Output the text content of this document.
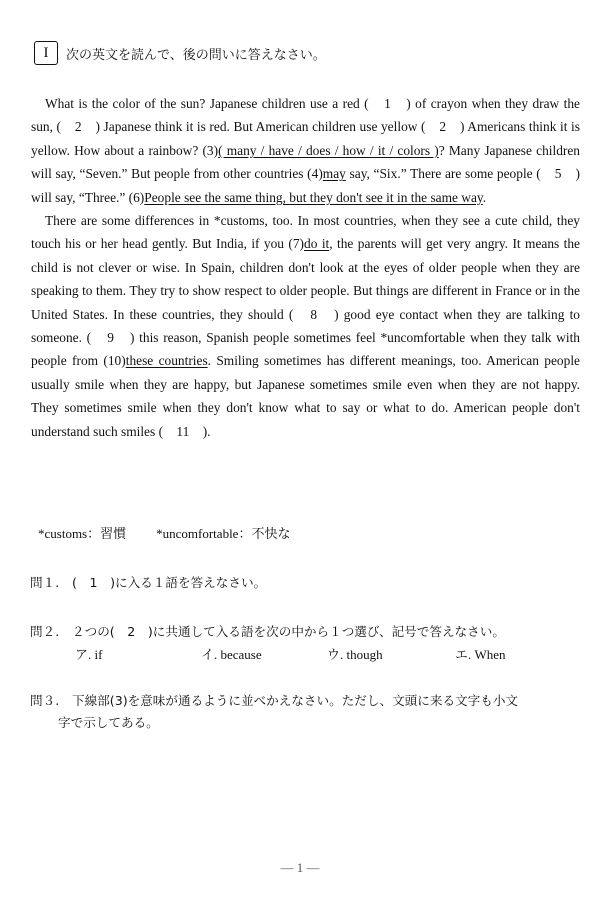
I	次の英文を読んで、後の問いに答えなさい。

What is the color of the sun? Japanese children use a red (　1　) of crayon when they draw the sun, (　2　) Japanese think it is red. But American children use yellow (　2　) Americans think it is yellow. How about a rainbow? (3)( many / have / does / how / it / colors )? Many Japanese children will say, “Seven.” But people from other countries (4)may say, “Six.” There are some people (　5　) will say, “Three.” (6)People see the same thing, but they don't see it in the same way.

There are some differences in *customs, too. In most countries, when they see a cute child, they touch his or her head gently. But India, if you (7)do it, the parents will get very angry. It means the child is not clever or wise. In Spain, children don't look at the eyes of older people when they are speaking to them. They try to show respect to older people. But things are different in France or in the United States. In these countries, they should (　8　) good eye contact when they are talking to someone. (　9　) this reason, Spanish people sometimes feel *uncomfortable when they talk with people from (10)these countries. Smiling sometimes has different meanings, too. American people usually smile when they are happy, but Japanese sometimes smile even when they are not happy. They sometimes smile when they don't know what to say or what to do. American people don't understand such smiles (　11　).

*customs：習慣 *uncomfortable：不快な
問１. (　1　)に入る１語を答えなさい。
問２. ２つの(　2　)に共通して入る語を次の中から１つ選び、記号で答えなさい。
ア. if	イ. because	ウ. though	エ. When
問３. 下線部(3)を意味が通るように並べかえなさい。ただし、文頭に来る文字も小文
字で示してある。
— 1 —
